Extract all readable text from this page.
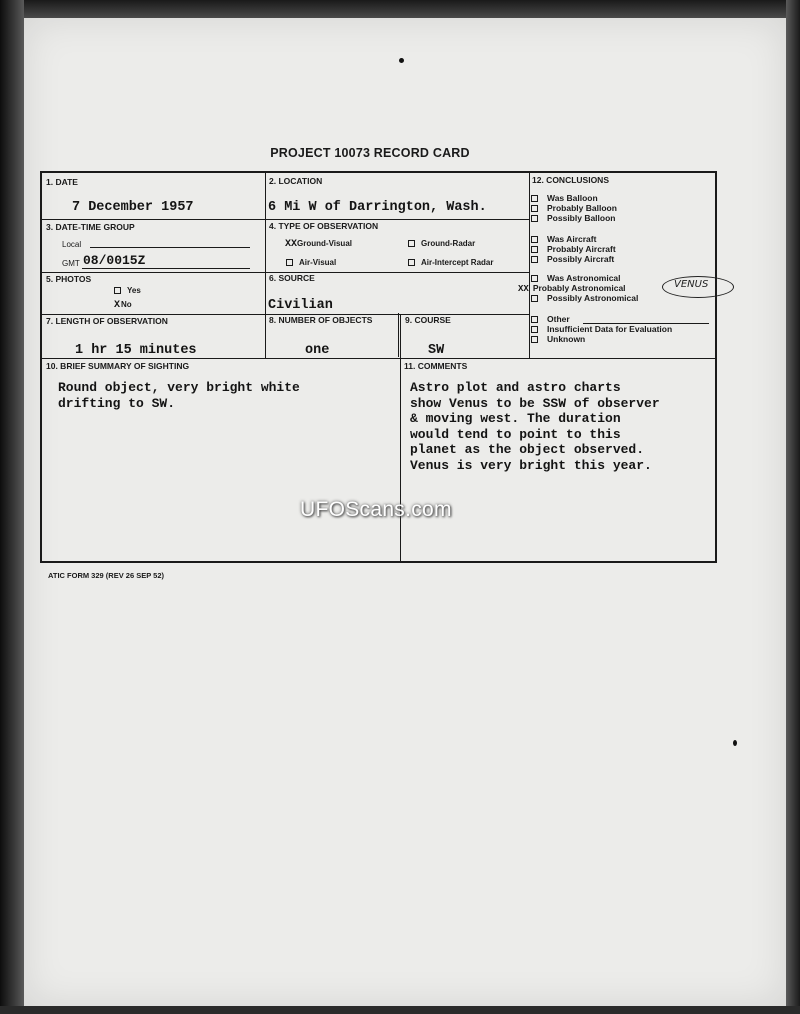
PROJECT 10073 RECORD CARD
1. DATE
7 December 1957
2. LOCATION
6 Mi W of Darrington, Wash.
3. DATE-TIME GROUP
Local
GMT 08/0015Z
4. TYPE OF OBSERVATION
XXGround-Visual	Ground-Radar
Air-Visual	Air-Intercept Radar
5. PHOTOS
Yes
XNo
6. SOURCE
Civilian
7. LENGTH OF OBSERVATION
1 hr 15 minutes
8. NUMBER OF OBJECTS
one
9. COURSE
SW
10. BRIEF SUMMARY OF SIGHTING
Round object, very bright white
drifting to SW.
11. COMMENTS
Astro plot and astro charts
show Venus to be SSW of observer
& moving west. The duration
would tend to point to this
planet as the object observed.
Venus is very bright this year.
12. CONCLUSIONS
Was Balloon
Probably Balloon
Possibly Balloon
Was Aircraft
Probably Aircraft
Possibly Aircraft
Was Astronomical
XX Probably Astronomical
Possibly Astronomical
Other
Insufficient Data for Evaluation
Unknown
VENUS
ATIC FORM 329 (REV 26 SEP 52)
UFOScans.com
